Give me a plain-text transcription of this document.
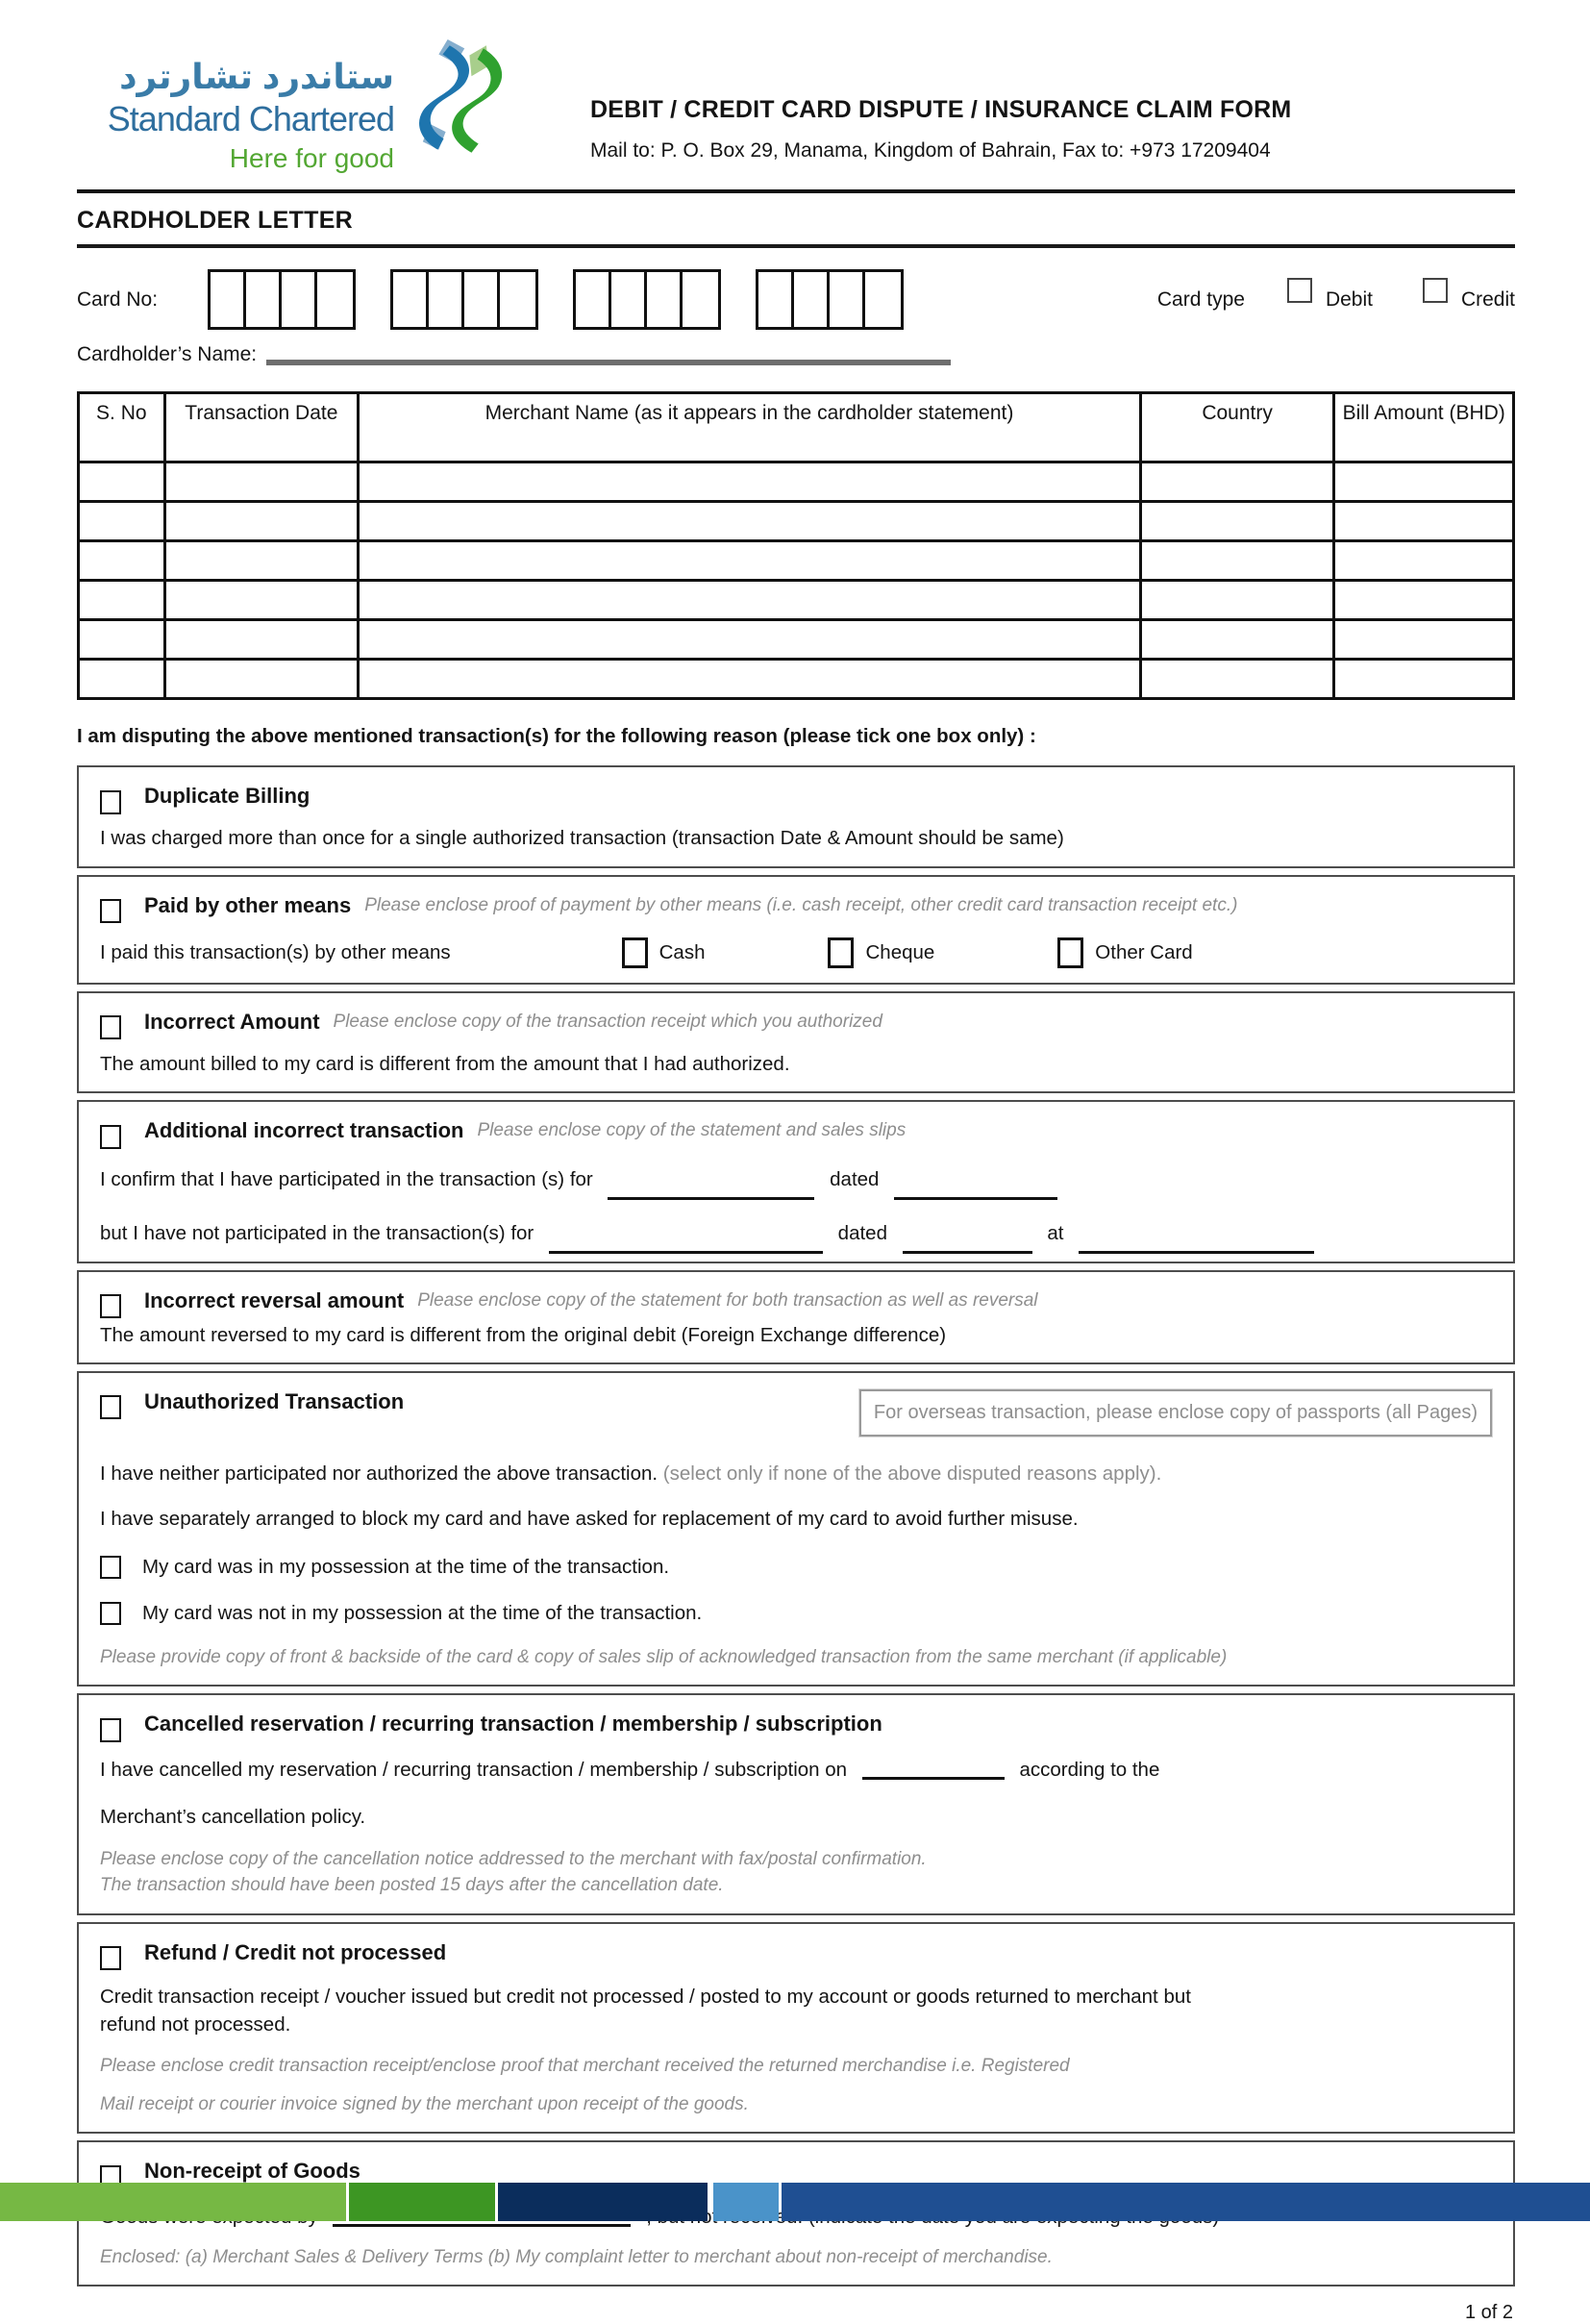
ستاندرد تشارترد
Standard Chartered
Here for good
DEBIT / CREDIT CARD DISPUTE / INSURANCE CLAIM FORM
Mail to: P. O. Box 29, Manama, Kingdom of Bahrain, Fax to: +973 17209404
CARDHOLDER LETTER
Card No:	Card type	Debit	Credit
Cardholder’s Name:
S. No	Transaction Date	Merchant Name (as it appears in the cardholder statement)	Country	Bill Amount (BHD)

I am disputing the above mentioned transaction(s) for the following reason (please tick one box only) :
Duplicate Billing
I was charged more than once for a single authorized transaction (transaction Date & Amount should be same)
Paid by other means Please enclose proof of payment by other means (i.e. cash receipt, other credit card transaction receipt etc.)
I paid this transaction(s) by other means	Cash	Cheque	Other Card
Incorrect Amount Please enclose copy of the transaction receipt which you authorized
The amount billed to my card is different from the amount that I had authorized.
Additional incorrect transaction Please enclose copy of the statement and sales slips
I confirm that I have participated in the transaction (s) for	dated
but I have not participated in the transaction(s) for	dated	at
Incorrect reversal amount Please enclose copy of the statement for both transaction as well as reversal
The amount reversed to my card is different from the original debit (Foreign Exchange difference)
Unauthorized Transaction	For overseas transaction, please enclose copy of passports (all Pages)
I have neither participated nor authorized the above transaction. (select only if none of the above disputed reasons apply).
I have separately arranged to block my card and have asked for replacement of my card to avoid further misuse.
My card was in my possession at the time of the transaction.
My card was not in my possession at the time of the transaction.
Please provide copy of front & backside of the card & copy of sales slip of acknowledged transaction from the same merchant (if applicable)
Cancelled reservation / recurring transaction / membership / subscription
I have cancelled my reservation / recurring transaction / membership / subscription on	according to the
Merchant’s cancellation policy.
Please enclose copy of the cancellation notice addressed to the merchant with fax/postal confirmation.
The transaction should have been posted 15 days after the cancellation date.
Refund / Credit not processed
Credit transaction receipt / voucher issued but credit not processed / posted to my account or goods returned to merchant but refund not processed.
Please enclose credit transaction receipt/enclose proof that merchant received the returned merchandise i.e. Registered
Mail receipt or courier invoice signed by the merchant upon receipt of the goods.
Non-receipt of Goods
Enclosed: (a) Merchant Sales & Delivery Terms (b) My complaint letter to merchant about non-receipt of merchandise.
1 of 2
